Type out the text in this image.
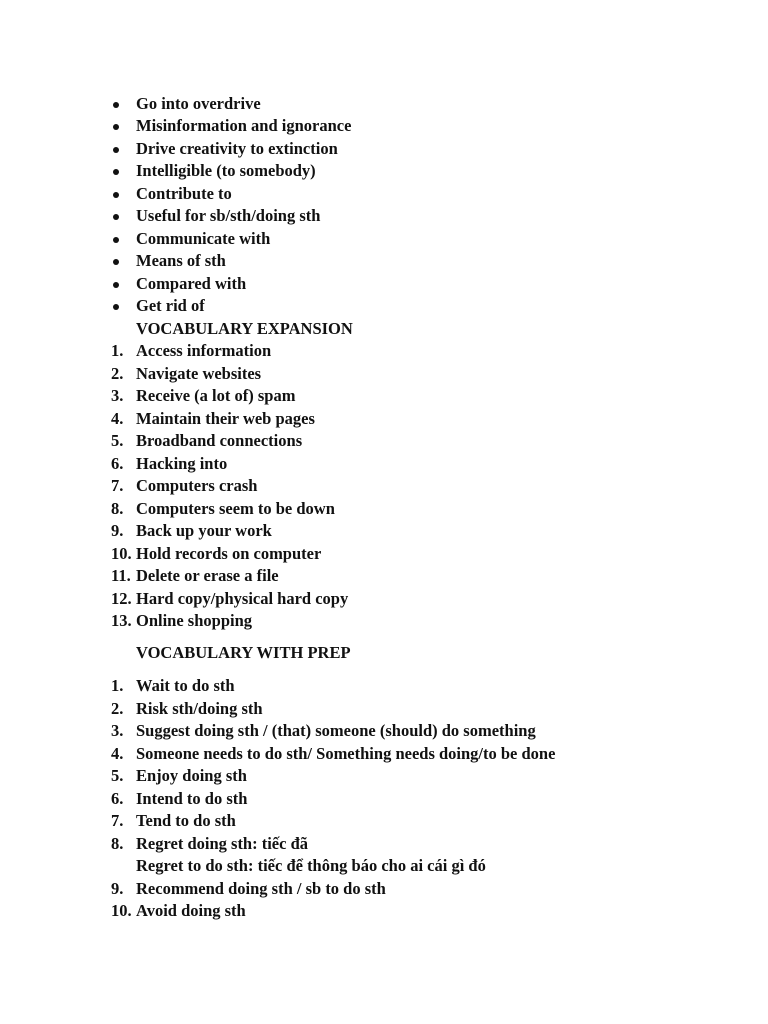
Go into overdrive
Misinformation and ignorance
Drive creativity to extinction
Intelligible (to somebody)
Contribute to
Useful for sb/sth/doing sth
Communicate with
Means of sth
Compared with
Get rid of
VOCABULARY EXPANSION
1. Access information
2. Navigate websites
3. Receive (a lot of) spam
4. Maintain their web pages
5. Broadband connections
6. Hacking into
7. Computers crash
8. Computers seem to be down
9. Back up your work
10. Hold records on computer
11. Delete or erase a file
12. Hard copy/physical hard copy
13. Online shopping
VOCABULARY WITH PREP
1. Wait to do sth
2. Risk sth/doing sth
3. Suggest doing sth / (that) someone (should) do something
4. Someone needs to do sth/ Something needs doing/to be done
5. Enjoy doing sth
6. Intend to do sth
7. Tend to do sth
8. Regret doing sth: tiếc đã
Regret to do sth: tiếc để thông báo cho ai cái gì đó
9. Recommend doing sth / sb to do sth
10. Avoid doing sth
